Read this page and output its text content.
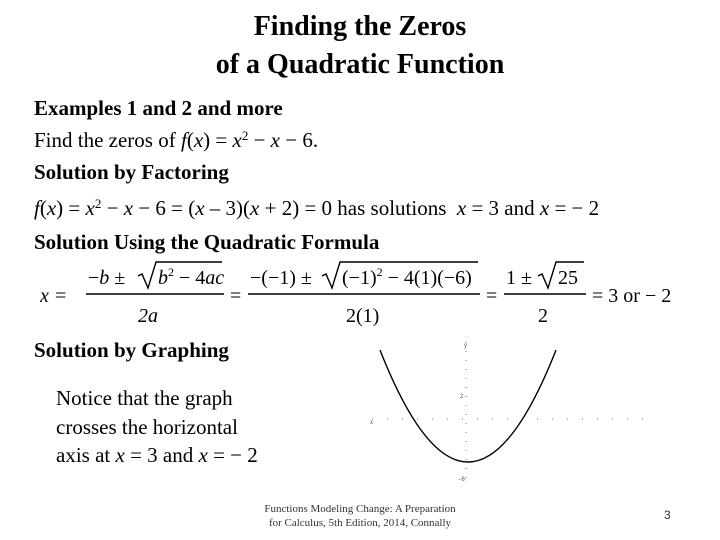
Finding the Zeros
of a Quadratic Function
Examples 1 and 2 and more
Find the zeros of $f(x) = x^2 - x - 6$.
Solution by Factoring
$f(x) = x^2 - x - 6 = (x - 3)(x + 2) = 0$ has solutions  x = 3 and x = − 2
Solution Using the Quadratic Formula
x =
$-b \pm b^2 - 4ac$
2a
=
$-(-1) \pm (-1)^2 - 4(1)(-6)$
2(1)
=
1 ± 25
2
= 3 or − 2
Solution by Graphing
Notice that the graph
crosses the horizontal
axis at x = 3 and x = − 2
y
2
−6
x
Functions Modeling Change: A Preparation
for Calculus, 5th Edition, 2014, Connally
3
